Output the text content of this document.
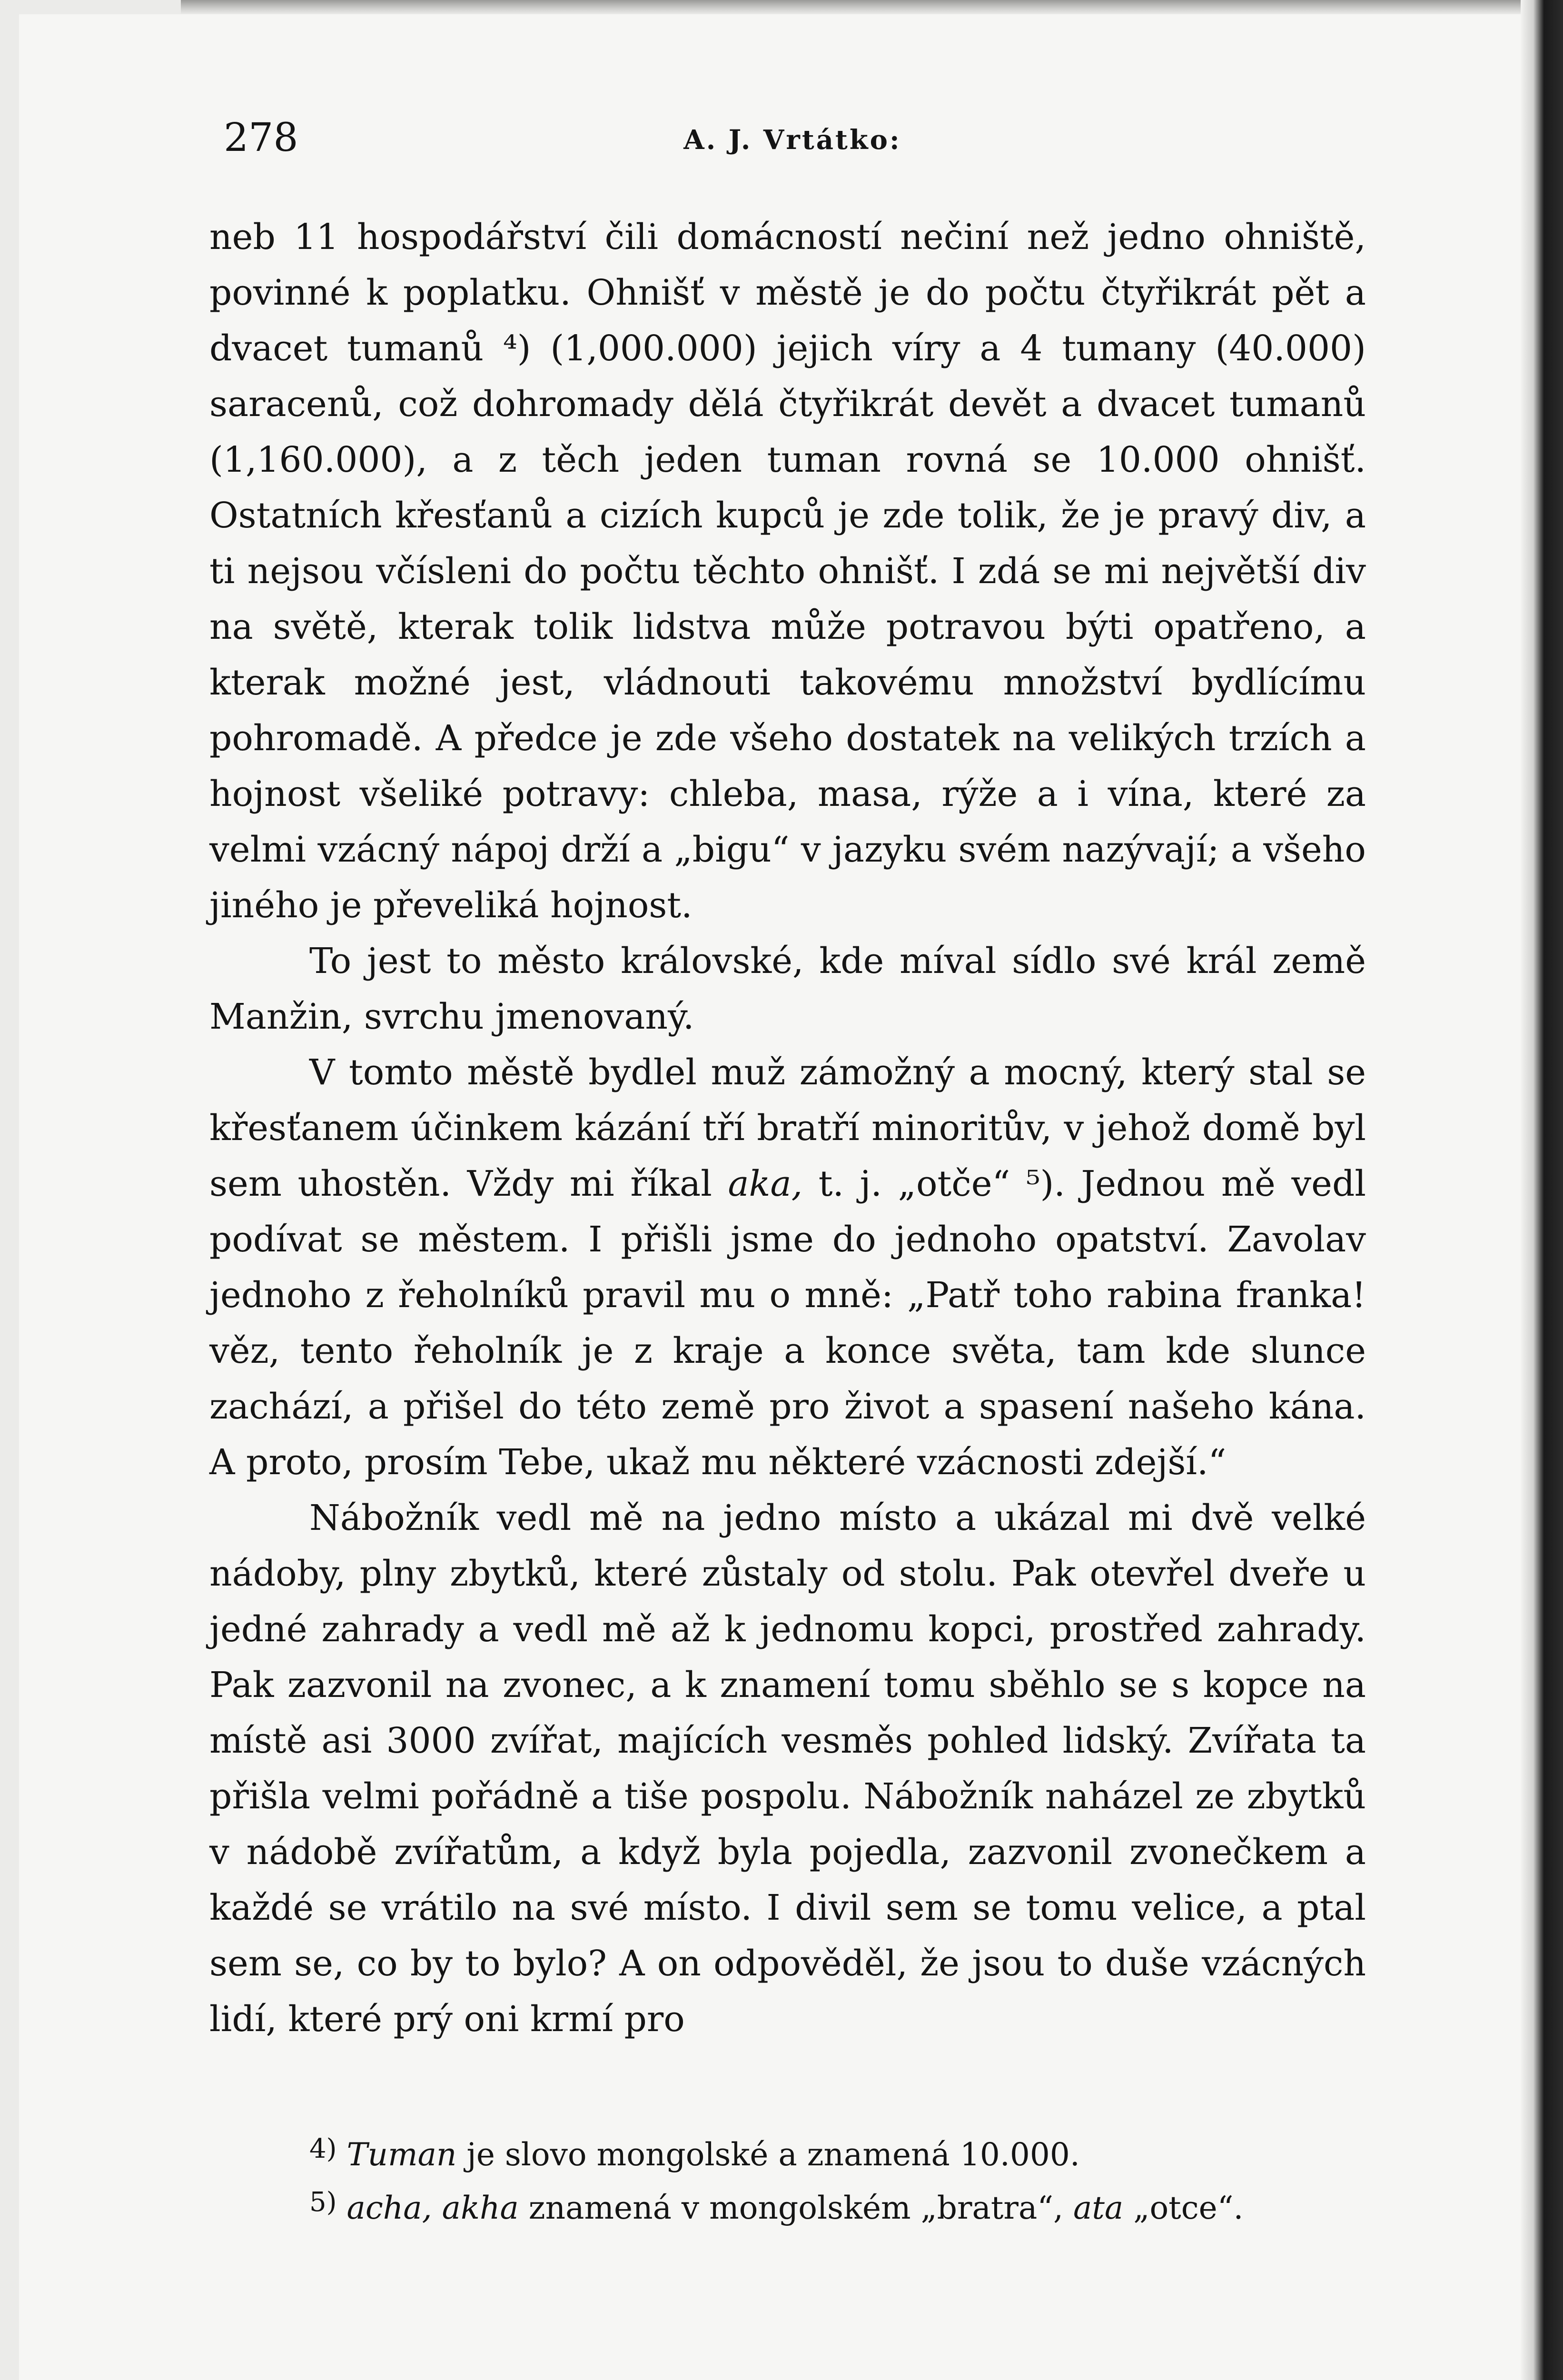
278	A. J. Vrtátko:

neb 11 hospodářství čili domácností nečiní než jedno ohniště, povinné k poplatku. Ohnišť v městě je do počtu čtyřikrát pět a dvacet tumanů ⁴) (1,000.000) jejich víry a 4 tumany (40.000) saracenů, což dohromady dělá čtyřikrát devět a dvacet tumanů (1,160.000), a z těch jeden tuman rovná se 10.000 ohnišť. Ostatních křesťanů a cizích kupců je zde tolik, že je pravý div, a ti nejsou včísleni do počtu těchto ohnišť. I zdá se mi největší div na světě, kterak tolik lidstva může potravou býti opatřeno, a kterak možné jest, vládnouti takovému množství bydlícímu pohromadě. A předce je zde všeho dostatek na velikých trzích a hojnost všeliké potravy: chleba, masa, rýže a i vína, které za velmi vzácný nápoj drží a „bigu“ v jazyku svém nazývají; a všeho jiného je převeliká hojnost.

To jest to město královské, kde míval sídlo své král země Manžin, svrchu jmenovaný.

V tomto městě bydlel muž zámožný a mocný, který stal se křesťanem účinkem kázání tří bratří minoritův, v jehož domě byl sem uhostěn. Vždy mi říkal aka, t. j. „otče“ ⁵). Jednou mě vedl podívat se městem. I přišli jsme do jednoho opatství. Zavolav jednoho z řeholníků pravil mu o mně: „Patř toho rabina franka! věz, tento řeholník je z kraje a konce světa, tam kde slunce zachází, a přišel do této země pro život a spasení našeho kána. A proto, prosím Tebe, ukaž mu některé vzácnosti zdejší.“

Nábožník vedl mě na jedno místo a ukázal mi dvě velké nádoby, plny zbytků, které zůstaly od stolu. Pak otevřel dveře u jedné zahrady a vedl mě až k jednomu kopci, prostřed zahrady. Pak zazvonil na zvonec, a k znamení tomu sběhlo se s kopce na místě asi 3000 zvířat, majících vesměs pohled lidský. Zvířata ta přišla velmi pořádně a tiše pospolu. Nábožník naházel ze zbytků v nádobě zvířatům, a když byla pojedla, zazvonil zvonečkem a každé se vrátilo na své místo. I divil sem se tomu velice, a ptal sem se, co by to bylo? A on odpověděl, že jsou to duše vzácných lidí, které prý oni krmí pro

$^{4)}$ Tuman je slovo mongolské a znamená 10.000.
$^{5)}$ acha, akha znamená v mongolském „bratra“, ata „otce“.
